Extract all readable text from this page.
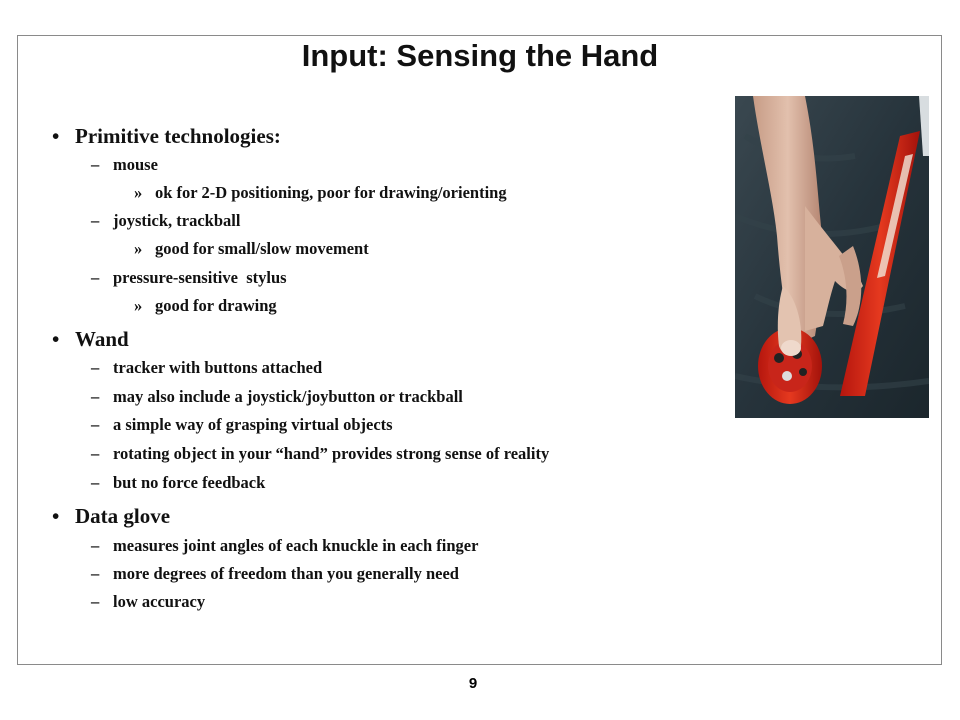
Input: Sensing the Hand
• Primitive technologies:
– mouse
» ok for 2-D positioning, poor for drawing/orienting
– joystick, trackball
» good for small/slow movement
– pressure-sensitive  stylus
» good for drawing
• Wand
– tracker with buttons attached
– may also include a joystick/joybutton or trackball
– a simple way of grasping virtual objects
– rotating object in your “hand” provides strong sense of reality
– but no force feedback
• Data glove
– measures joint angles of each knuckle in each finger
– more degrees of freedom than you generally need
– low accuracy
9
